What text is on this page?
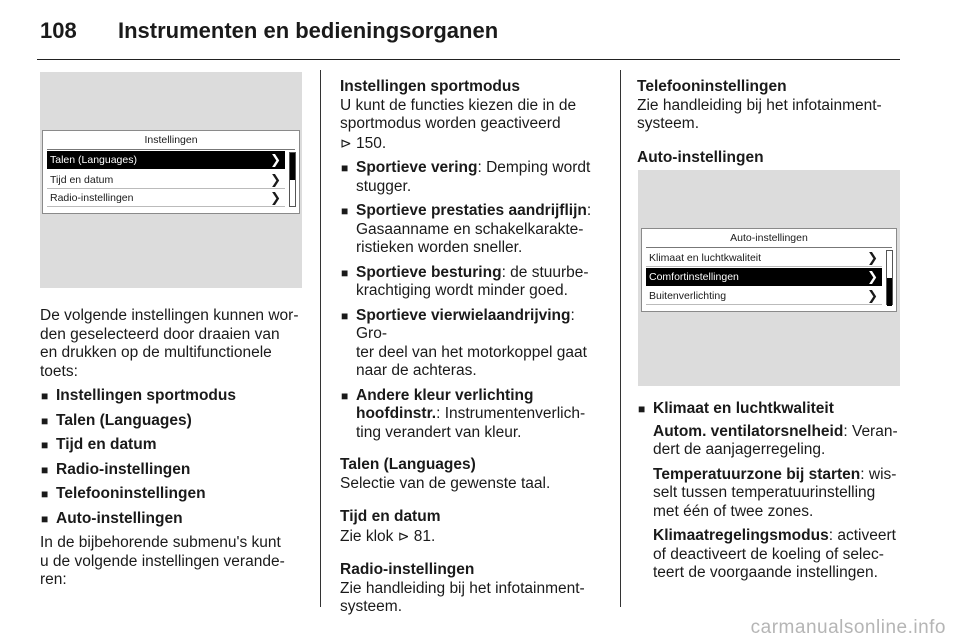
108 Instrumenten en bedieningsorganen
Instellingen
Talen (Languages)	❯
Tijd en datum	❯
Radio-instellingen	❯

De volgende instellingen kunnen wor-

den geselecteerd door draaien van

en drukken op de multifunctionele

toets:

■ Instellingen sportmodus

■ Talen (Languages)

■ Tijd en datum

■ Radio-instellingen

■ Telefooninstellingen

■ Auto-instellingen

In de bijbehorende submenu's kunt

u de volgende instellingen verande-

ren:

Instellingen sportmodus

U kunt de functies kiezen die in de

sportmodus worden geactiveerd

⊳ 150.

■ Sportieve vering: Demping wordt

stugger.

■ Sportieve prestaties aandrijflijn:

Gasaanname en schakelkarakte-

ristieken worden sneller.

■ Sportieve besturing: de stuurbe-

krachtiging wordt minder goed.

■ Sportieve vierwielaandrijving: Gro-

ter deel van het motorkoppel gaat

naar de achteras.

■ Andere kleur verlichting

hoofdinstr.: Instrumentenverlich-

ting verandert van kleur.

Talen (Languages)

Selectie van de gewenste taal.

Tijd en datum

Zie klok ⊳ 81.

Radio-instellingen

Zie handleiding bij het infotainment-

systeem.

Telefooninstellingen

Zie handleiding bij het infotainment-

systeem.

Auto-instellingen

Auto-instellingen
Klimaat en luchtkwaliteit	❯
Comfortinstellingen	❯
Buitenverlichting	❯

■ Klimaat en luchtkwaliteit

Autom. ventilatorsnelheid: Veran-

dert de aanjagerregeling.

Temperatuurzone bij starten: wis-

selt tussen temperatuurinstelling

met één of twee zones.

Klimaatregelingsmodus: activeert

of deactiveert de koeling of selec-

teert de voorgaande instellingen.

carmanualsonline.info
